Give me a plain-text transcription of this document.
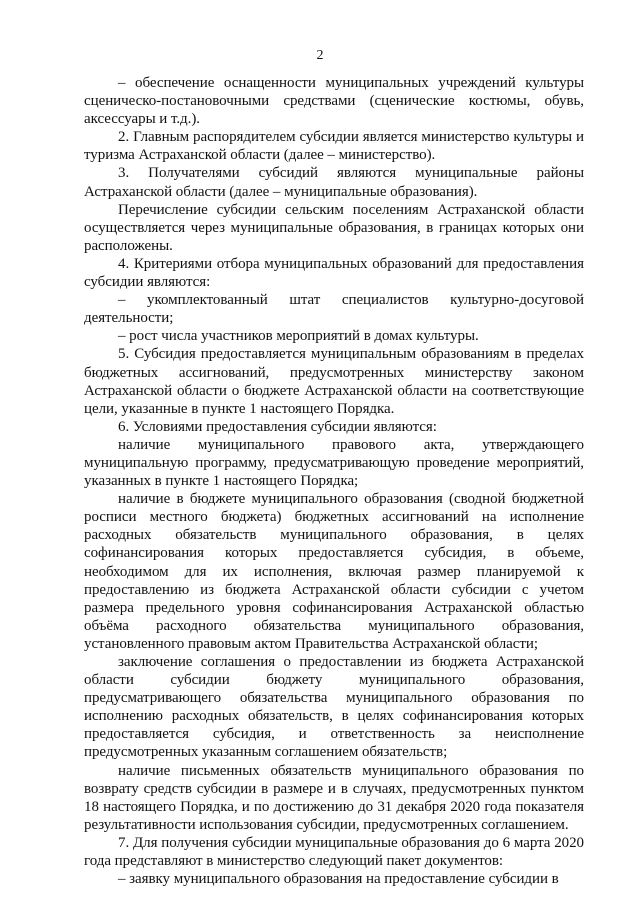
2

– обеспечение оснащенности муниципальных учреждений культуры сценическо-постановочными средствами (сценические костюмы, обувь, аксессуары и т.д.).

2. Главным распорядителем субсидии является министерство культуры и туризма Астраханской области (далее – министерство).

3. Получателями субсидий являются муниципальные районы Астраханской области (далее – муниципальные образования).

Перечисление субсидии сельским поселениям Астраханской области осуществляется через муниципальные образования, в границах которых они расположены.

4. Критериями отбора муниципальных образований для предоставления субсидии являются:

– укомплектованный штат специалистов культурно-досуговой деятельности;

– рост числа участников мероприятий в домах культуры.

5. Субсидия предоставляется муниципальным образованиям в пределах бюджетных ассигнований, предусмотренных министерству законом Астраханской области о бюджете Астраханской области на соответствующие цели, указанные в пункте 1 настоящего Порядка.

6. Условиями предоставления субсидии являются:

наличие муниципального правового акта, утверждающего муниципальную программу, предусматривающую проведение мероприятий, указанных в пункте 1 настоящего Порядка;

наличие в бюджете муниципального образования (сводной бюджетной росписи местного бюджета) бюджетных ассигнований на исполнение расходных обязательств муниципального образования, в целях софинансирования которых предоставляется субсидия, в объеме, необходимом для их исполнения, включая размер планируемой к предоставлению из бюджета Астраханской области субсидии с учетом размера предельного уровня софинансирования Астраханской областью объёма расходного обязательства муниципального образования, установленного правовым актом Правительства Астраханской области;

заключение соглашения о предоставлении из бюджета Астраханской области субсидии бюджету муниципального образования, предусматривающего обязательства муниципального образования по исполнению расходных обязательств, в целях софинансирования которых предоставляется субсидия, и ответственность за неисполнение предусмотренных указанным соглашением обязательств;

наличие письменных обязательств муниципального образования по возврату средств субсидии в размере и в случаях, предусмотренных пунктом 18 настоящего Порядка, и по достижению до 31 декабря 2020 года показателя результативности использования субсидии, предусмотренных соглашением.

7. Для получения субсидии муниципальные образования до 6 марта 2020 года представляют в министерство следующий пакет документов:

– заявку муниципального образования на предоставление субсидии в
